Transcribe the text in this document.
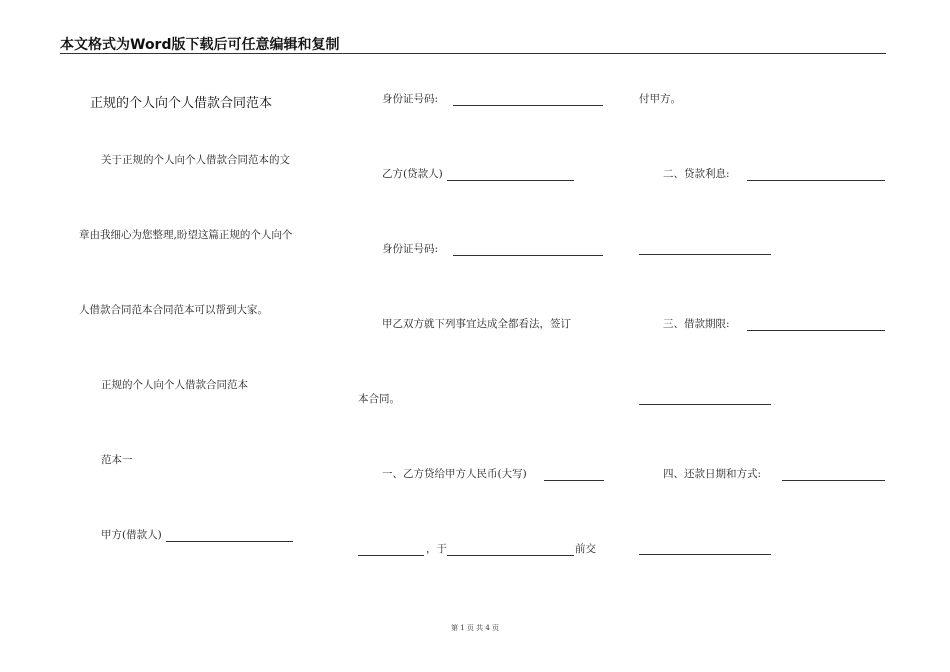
本文格式为Word版下载后可任意编辑和复制
正规的个人向个人借款合同范本
关于正规的个人向个人借款合同范本的文
章由我细心为您整理,盼望这篇正规的个人向个
人借款合同范本合同范本可以帮到大家。
正规的个人向个人借款合同范本
范本一
甲方(借款人)
身份证号码:
乙方(贷款人)
身份证号码:
甲乙双方就下列事宜达成全都看法，签订
本合同。
一、乙方贷给甲方人民币(大写)
，于	前交
付甲方。
二、贷款利息:
三、借款期限:
四、还款日期和方式:
第 1 页 共 4 页
